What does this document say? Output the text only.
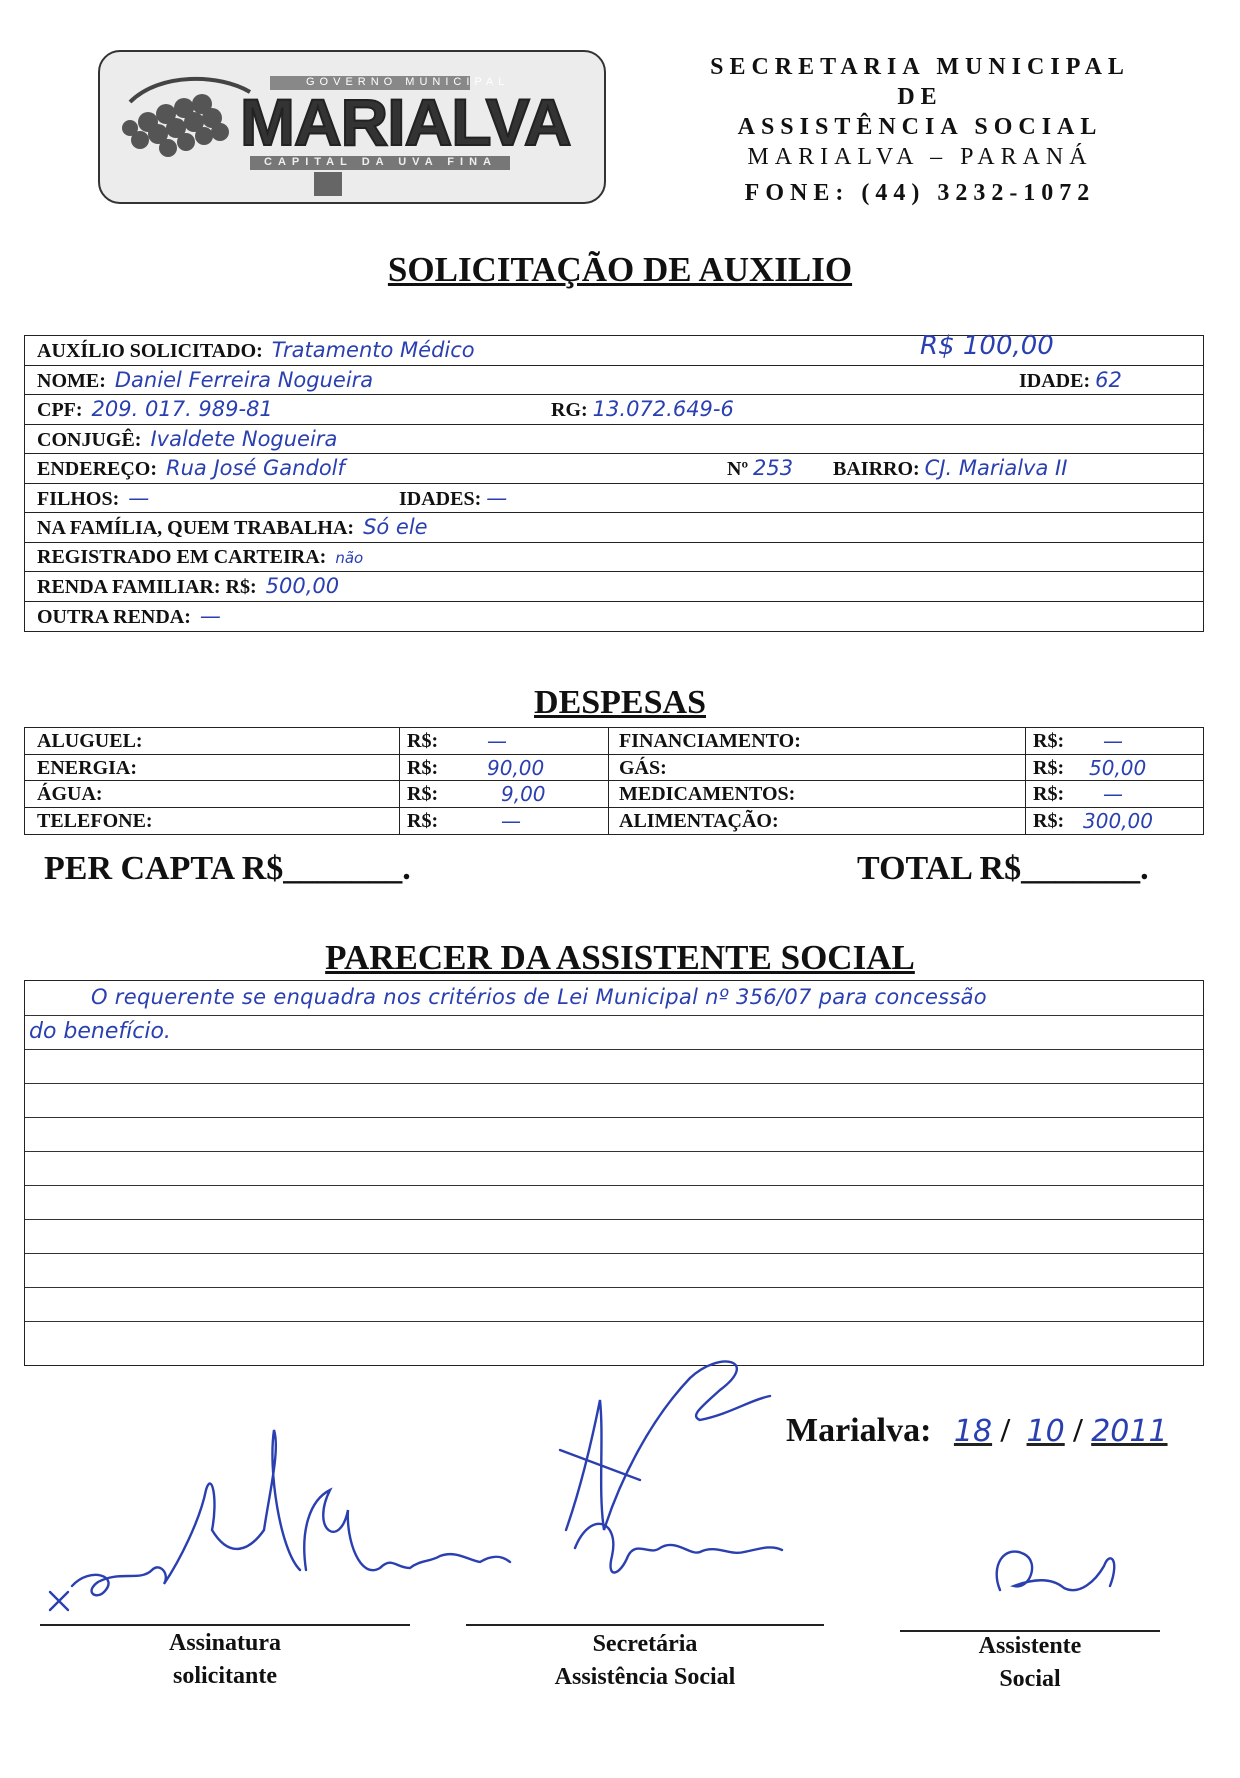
GOVERNO MUNICIPAL
MARIALVA
CAPITAL DA UVA FINA
SECRETARIA MUNICIPAL
DE
ASSISTÊNCIA SOCIAL
MARIALVA – PARANÁ
FONE: (44) 3232-1072
SOLICITAÇÃO DE AUXILIO
AUXÍLIO SOLICITADO: Tratamento Médico	R$ 100,00
NOME: Daniel Ferreira Nogueira	IDADE: 62
CPF: 209. 017. 989-81	RG: 13.072.649-6
CONJUGÊ: Ivaldete Nogueira
ENDEREÇO: Rua José Gandolf	Nº 253 BAIRRO: CJ. Marialva II
FILHOS: —	IDADES: —
NA FAMÍLIA, QUEM TRABALHA: Só ele
REGISTRADO EM CARTEIRA: não
RENDA FAMILIAR: R$: 500,00
OUTRA RENDA: —
DESPESAS
ALUGUEL:	R$: —	FINANCIAMENTO:	R$: —
ENERGIA:	R$: 90,00	GÁS:	R$: 50,00
ÁGUA:	R$:	9,00	MEDICAMENTOS:	R$: —
TELEFONE:	R$:	—	ALIMENTAÇÃO:	R$: 300,00
PER CAPTA R$_______.	TOTAL R$_______.
PARECER DA ASSISTENTE SOCIAL
O requerente se enquadra nos critérios de Lei Municipal nº 356/07 para concessão
do benefício.
Marialva: 18 / 10 / 2011
Assinatura
solicitante
Secretária
Assistência Social
Assistente
Social
